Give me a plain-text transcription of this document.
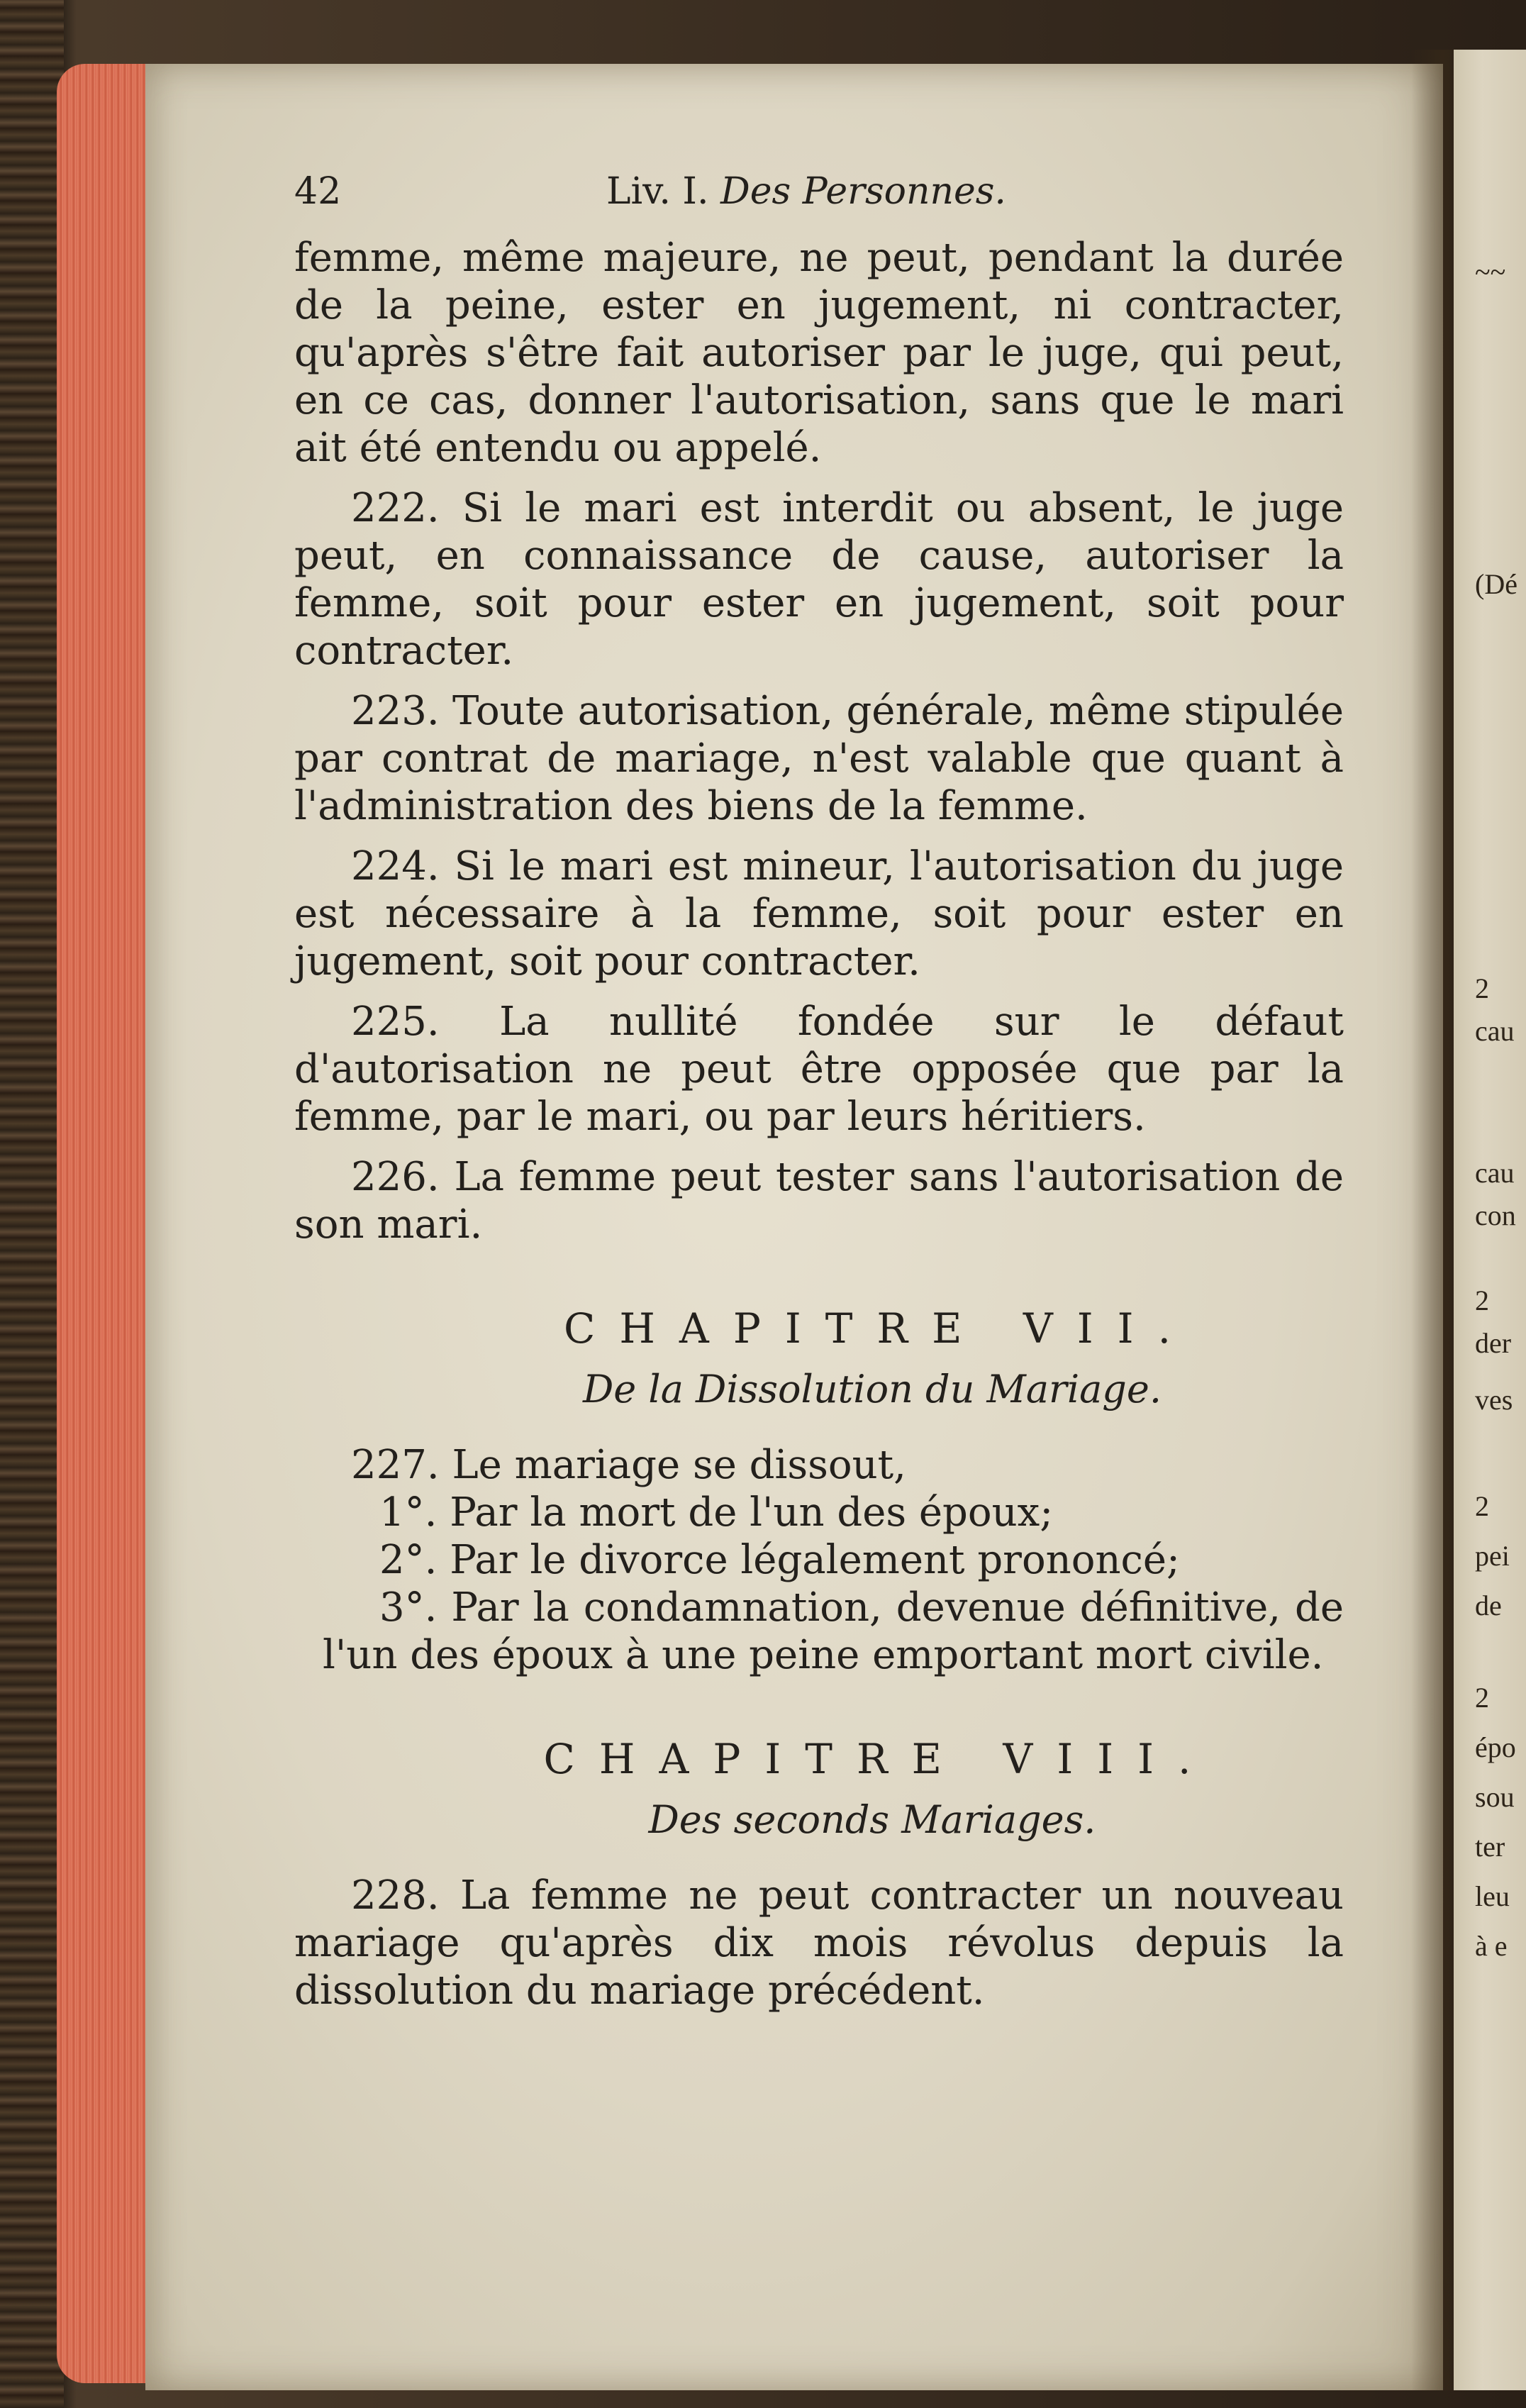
~~
(Dé
2
cau
cau
con
2
der
ves
2
pei
de
2
épo
sou
ter
leu
à e
42	Liv. I. Des Personnes.

femme, même majeure, ne peut, pendant la durée de la peine, ester en jugement, ni contracter, qu'après s'être fait autoriser par le juge, qui peut, en ce cas, donner l'autorisation, sans que le mari ait été entendu ou appelé.

222. Si le mari est interdit ou absent, le juge peut, en connaissance de cause, autoriser la femme, soit pour ester en jugement, soit pour contracter.

223. Toute autorisation, générale, même stipulée par contrat de mariage, n'est valable que quant à l'administration des biens de la femme.

224. Si le mari est mineur, l'autorisation du juge est nécessaire à la femme, soit pour ester en jugement, soit pour contracter.

225. La nullité fondée sur le défaut d'autorisation ne peut être opposée que par la femme, par le mari, ou par leurs héritiers.

226. La femme peut tester sans l'autorisation de son mari.

CHAPITRE VII.
De la Dissolution du Mariage.

227. Le mariage se dissout,

1°. Par la mort de l'un des époux;

2°. Par le divorce légalement prononcé;

3°. Par la condamnation, devenue définitive, de l'un des époux à une peine emportant mort civile.

CHAPITRE VIII.
Des seconds Mariages.

228. La femme ne peut contracter un nouveau mariage qu'après dix mois révolus depuis la dissolution du mariage précédent.
